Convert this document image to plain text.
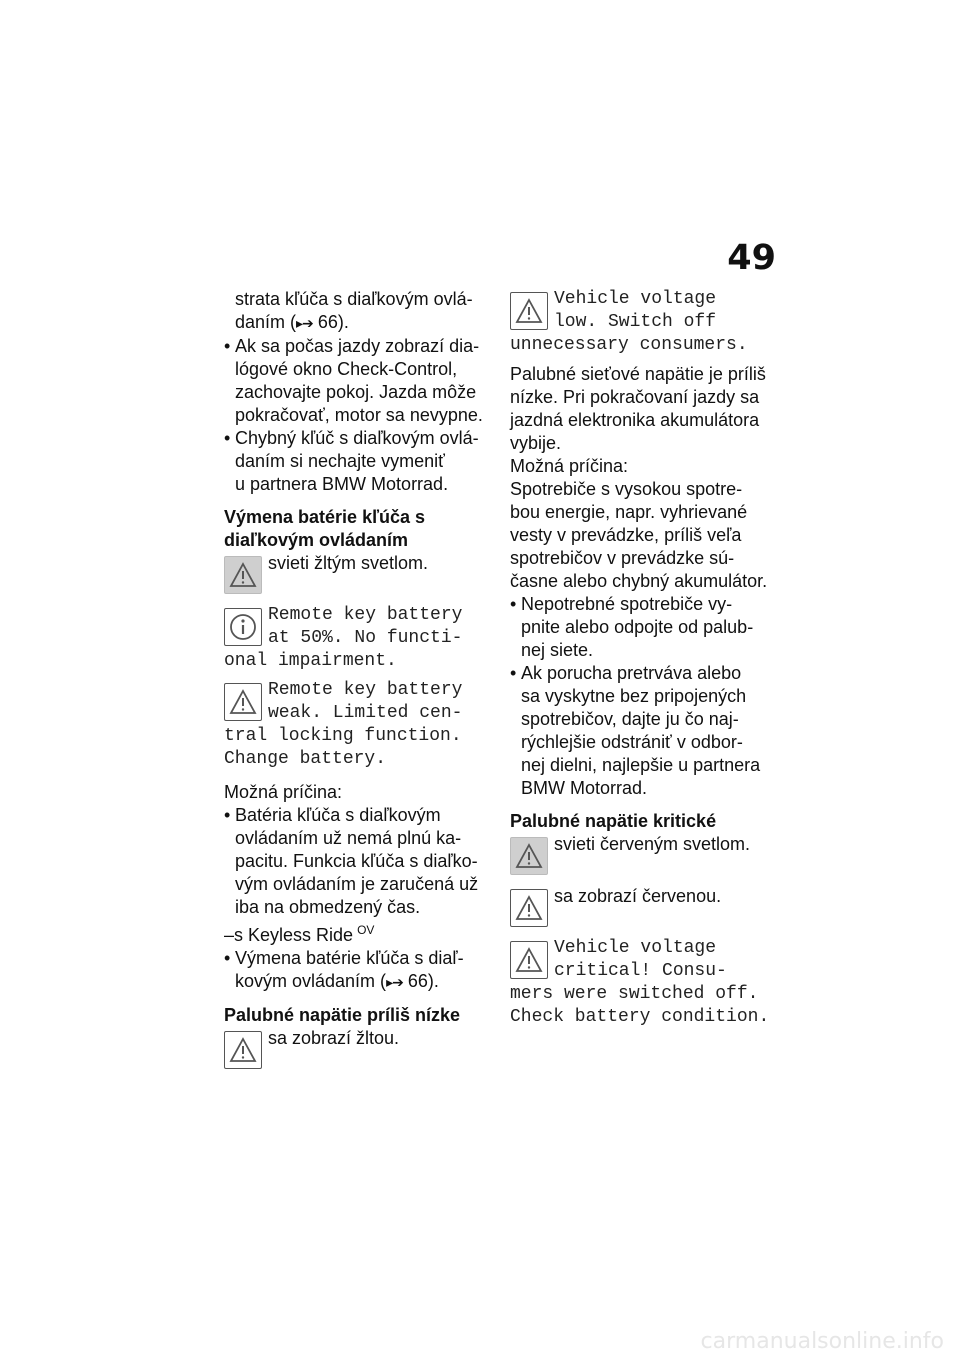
49
strata kľúča s diaľkovým ovlá-
daním (▸➔ 66).
• Ak sa počas jazdy zobrazí dia-
lógové okno Check-Control,
zachovajte pokoj. Jazda môže
pokračovať, motor sa nevypne.
• Chybný kľúč s diaľkovým ovlá-
daním si nechajte vymeniť
u partnera BMW Motorrad.
Výmena batérie kľúča s
diaľkovým ovládaním
svieti žltým svetlom.
Remote key battery
at 50%. No functi-
onal impairment.
Remote key battery
weak. Limited cen-
tral locking function.
Change battery.
Možná príčina:
• Batéria kľúča s diaľkovým
ovládaním už nemá plnú ka-
pacitu. Funkcia kľúča s diaľko-
vým ovládaním je zaručená už
iba na obmedzený čas.
–s Keyless Ride $^{OV}$
• Výmena batérie kľúča s diaľ-
kovým ovládaním (▸➔ 66).
Palubné napätie príliš nízke
sa zobrazí žltou.
Vehicle voltage
low. Switch off
unnecessary consumers.
Palubné sieťové napätie je príliš
nízke. Pri pokračovaní jazdy sa
jazdná elektronika akumulátora
vybije.
Možná príčina:
Spotrebiče s vysokou spotre-
bou energie, napr. vyhrievané
vesty v prevádzke, príliš veľa
spotrebičov v prevádzke sú-
časne alebo chybný akumulátor.
• Nepotrebné spotrebiče vy-
pnite alebo odpojte od palub-
nej siete.
• Ak porucha pretrváva alebo
sa vyskytne bez pripojených
spotrebičov, dajte ju čo naj-
rýchlejšie odstrániť v odbor-
nej dielni, najlepšie u partnera
BMW Motorrad.
Palubné napätie kritické
svieti červeným svetlom.
sa zobrazí červenou.
Vehicle voltage
critical! Consu-
mers were switched off.
Check battery condition.
carmanualsonline.info
